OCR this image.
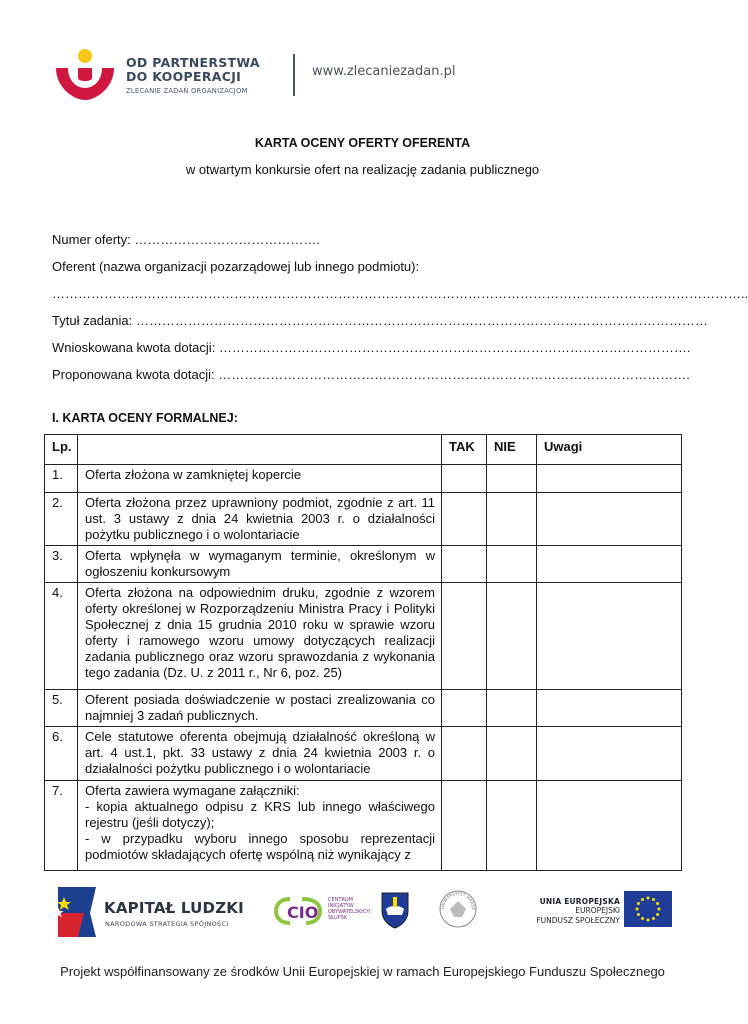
OD PARTNERSTWA
DO KOOPERACJI
ZLECANIE ZADAŃ ORGANIZACJOM
www.zlecaniezadan.pl
KARTA OCENY OFERTY OFERENTA
w otwartym konkursie ofert na realizację zadania publicznego
Numer oferty: …………………………………….
Oferent (nazwa organizacji pozarządowej lub innego podmiotu):
……………………………………………………………………………………………………………………………………………..
Tytuł zadania: ……………………………………………………………………………………………………………………
Wnioskowana kwota dotacji: ……………………………………………………………………………………………….
Proponowana kwota dotacji: ……………………………………………………………………………………………….
I. KARTA OCENY FORMALNEJ:
Lp.		TAK	NIE	Uwagi
1.	Oferta złożona w zamkniętej kopercie			
2.	Oferta złożona przez uprawniony podmiot, zgodnie z art. 11 ust. 3 ustawy z dnia 24 kwietnia 2003 r. o działalności pożytku publicznego i o wolontariacie			
3.	Oferta wpłynęła w wymaganym terminie, określonym w ogłoszeniu konkursowym			
4.	Oferta złożona na odpowiednim druku, zgodnie z wzorem oferty określonej w Rozporządzeniu Ministra Pracy i Polityki Społecznej z dnia 15 grudnia 2010 roku w sprawie wzoru oferty i ramowego wzoru umowy dotyczących realizacji zadania publicznego oraz wzoru sprawozdania z wykonania tego zadania (Dz. U. z 2011 r., Nr 6, poz. 25)			
5.	Oferent posiada doświadczenie w postaci zrealizowania co najmniej 3 zadań publicznych.			
6.	Cele statutowe oferenta obejmują działalność określoną w art. 4 ust.1, pkt. 33 ustawy z dnia 24 kwietnia 2003 r. o działalności pożytku publicznego i o wolontariacie			
7.	Oferta zawiera wymagane załączniki:
- kopia aktualnego odpisu z KRS lub innego właściwego rejestru (jeśli dotyczy);
- w przypadku wyboru innego sposobu reprezentacji podmiotów składających ofertę wspólną niż wynikający z			

KAPITAŁ LUDZKI
NARODOWA STRATEGIA SPÓJNOŚCI
CIO
CENTRUM
INICJATYW
OBYWATELSKICH
SŁUPSK
UNIWERSYTET WARSZ
UNIA EUROPEJSKA
EUROPEJSKI
FUNDUSZ SPOŁECZNY
Projekt współfinansowany ze środków Unii Europejskiej w ramach Europejskiego Funduszu Społecznego
